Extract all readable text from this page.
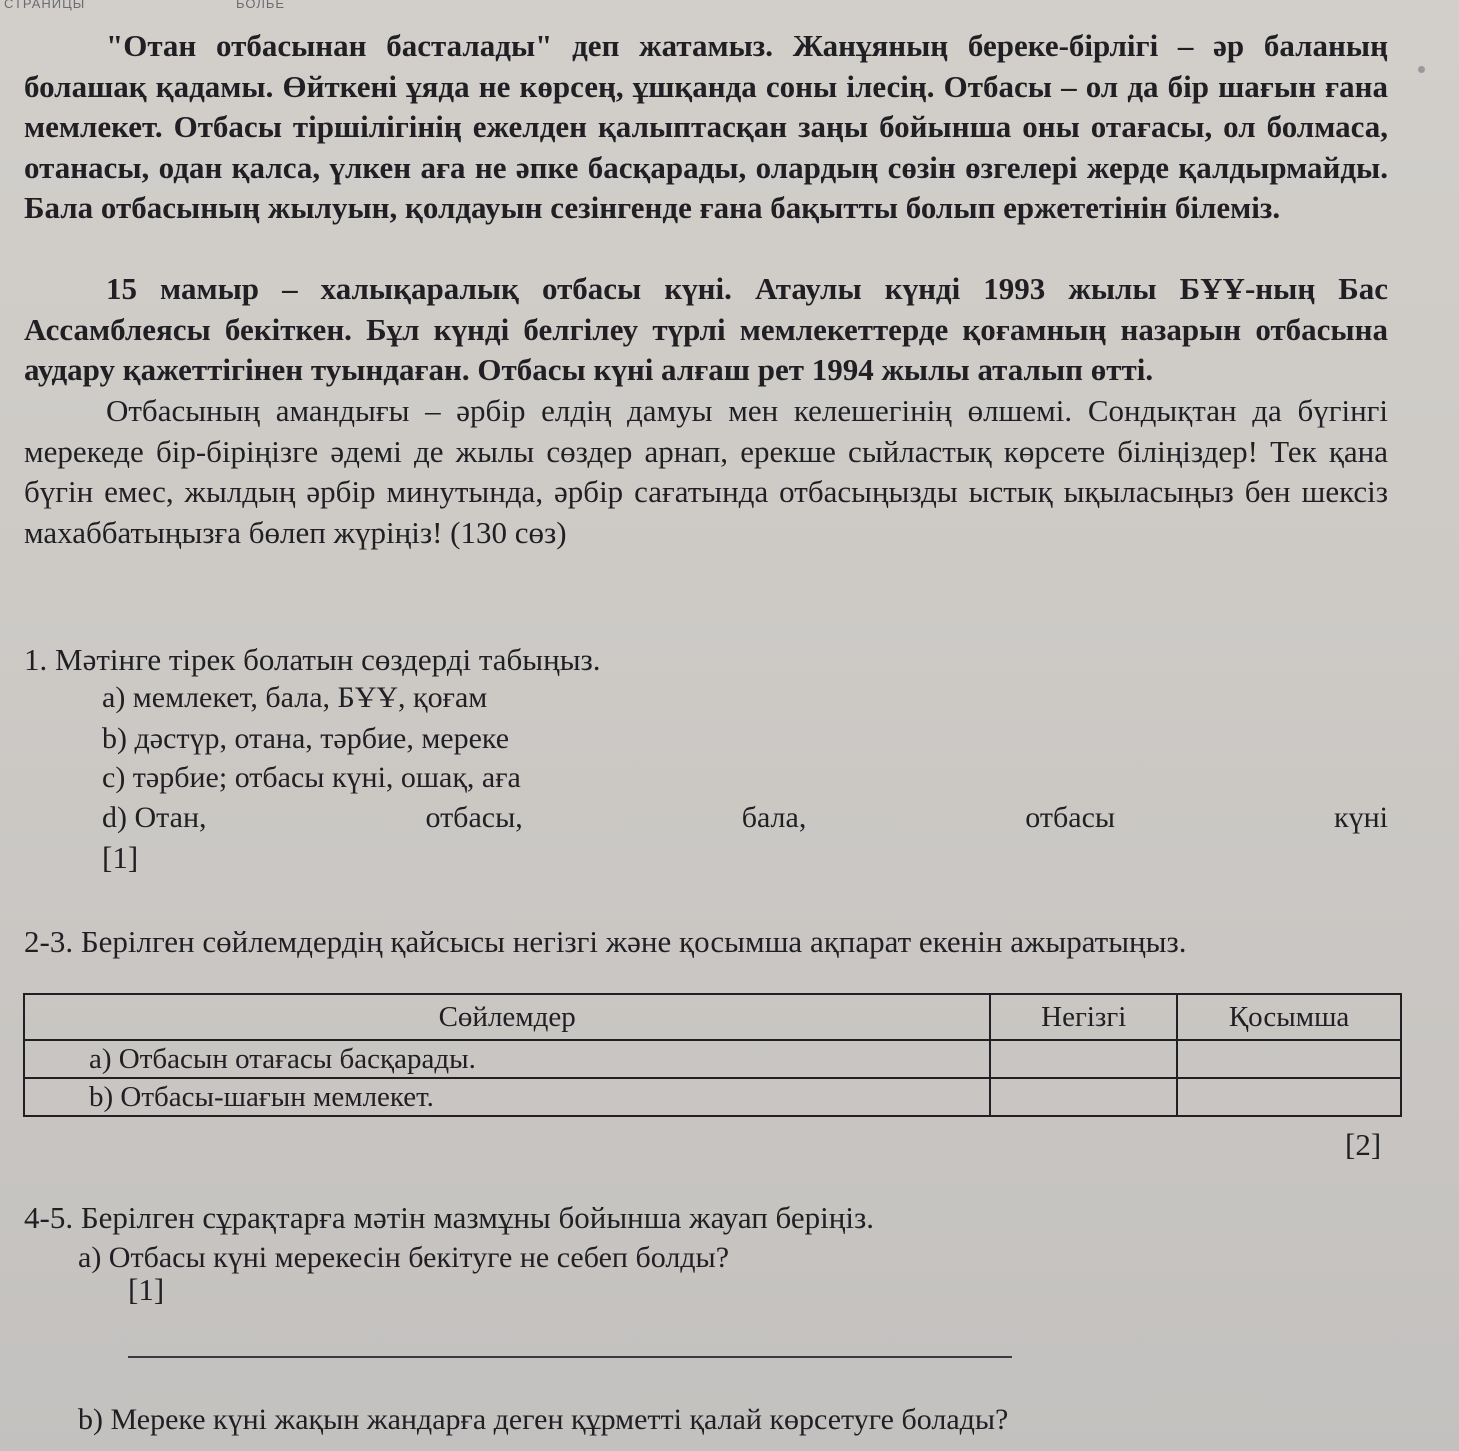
СТРАНИЦЫ	БОЛЬЕ

"Отан отбасынан басталады" деп жатамыз. Жанұяның береке-бірлігі – әр баланың болашақ қадамы. Өйткені ұяда не көрсең, ұшқанда соны ілесің. Отбасы – ол да бір шағын ғана мемлекет. Отбасы тіршілігінің ежелден қалыптасқан заңы бойынша оны отағасы, ол болмаса, отанасы, одан қалса, үлкен аға не әпке басқарады, олардың сөзін өзгелері жерде қалдырмайды. Бала отбасының жылуын, қолдауын сезінгенде ғана бақытты болып ержететінін білеміз.

15 мамыр – халықаралық отбасы күні. Атаулы күнді 1993 жылы БҰҰ-ның Бас Ассамблеясы бекіткен. Бұл күнді белгілеу түрлі мемлекеттерде қоғамның назарын отбасына аудару қажеттігінен туындаған. Отбасы күні алғаш рет 1994 жылы аталып өтті.

Отбасының амандығы – әрбір елдің дамуы мен келешегінің өлшемі. Сондықтан да бүгінгі мерекеде бір-біріңізге әдемі де жылы сөздер арнап, ерекше сыйластық көрсете біліңіздер! Тек қана бүгін емес, жылдың әрбір минутында, әрбір сағатында отбасыңызды ыстық ықыласыңыз бен шексіз махаббатыңызға бөлеп жүріңіз! (130 сөз)

1. Мәтінге тірек болатын сөздерді табыңыз.
а) мемлекет, бала, БҰҰ, қоғам
b) дәстүр, отана, тәрбие, мереке
c) тәрбие; отбасы күні, ошақ, аға
d) Отан,	отбасы,	бала,	отбасы	күні
[1]
2-3. Берілген сөйлемдердің қайсысы негізгі және қосымша ақпарат екенін ажыратыңыз.
Сөйлемдер	Негізгі	Қосымша
a) Отбасын отағасы басқарады.		
b) Отбасы-шағын мемлекет.		
[2]
4-5. Берілген сұрақтарға мәтін мазмұны бойынша жауап беріңіз.
а) Отбасы күні мерекесін бекітуге не себеп болды?
[1]
b) Мереке күні жақын жандарға деген құрметті қалай көрсетуге болады?
